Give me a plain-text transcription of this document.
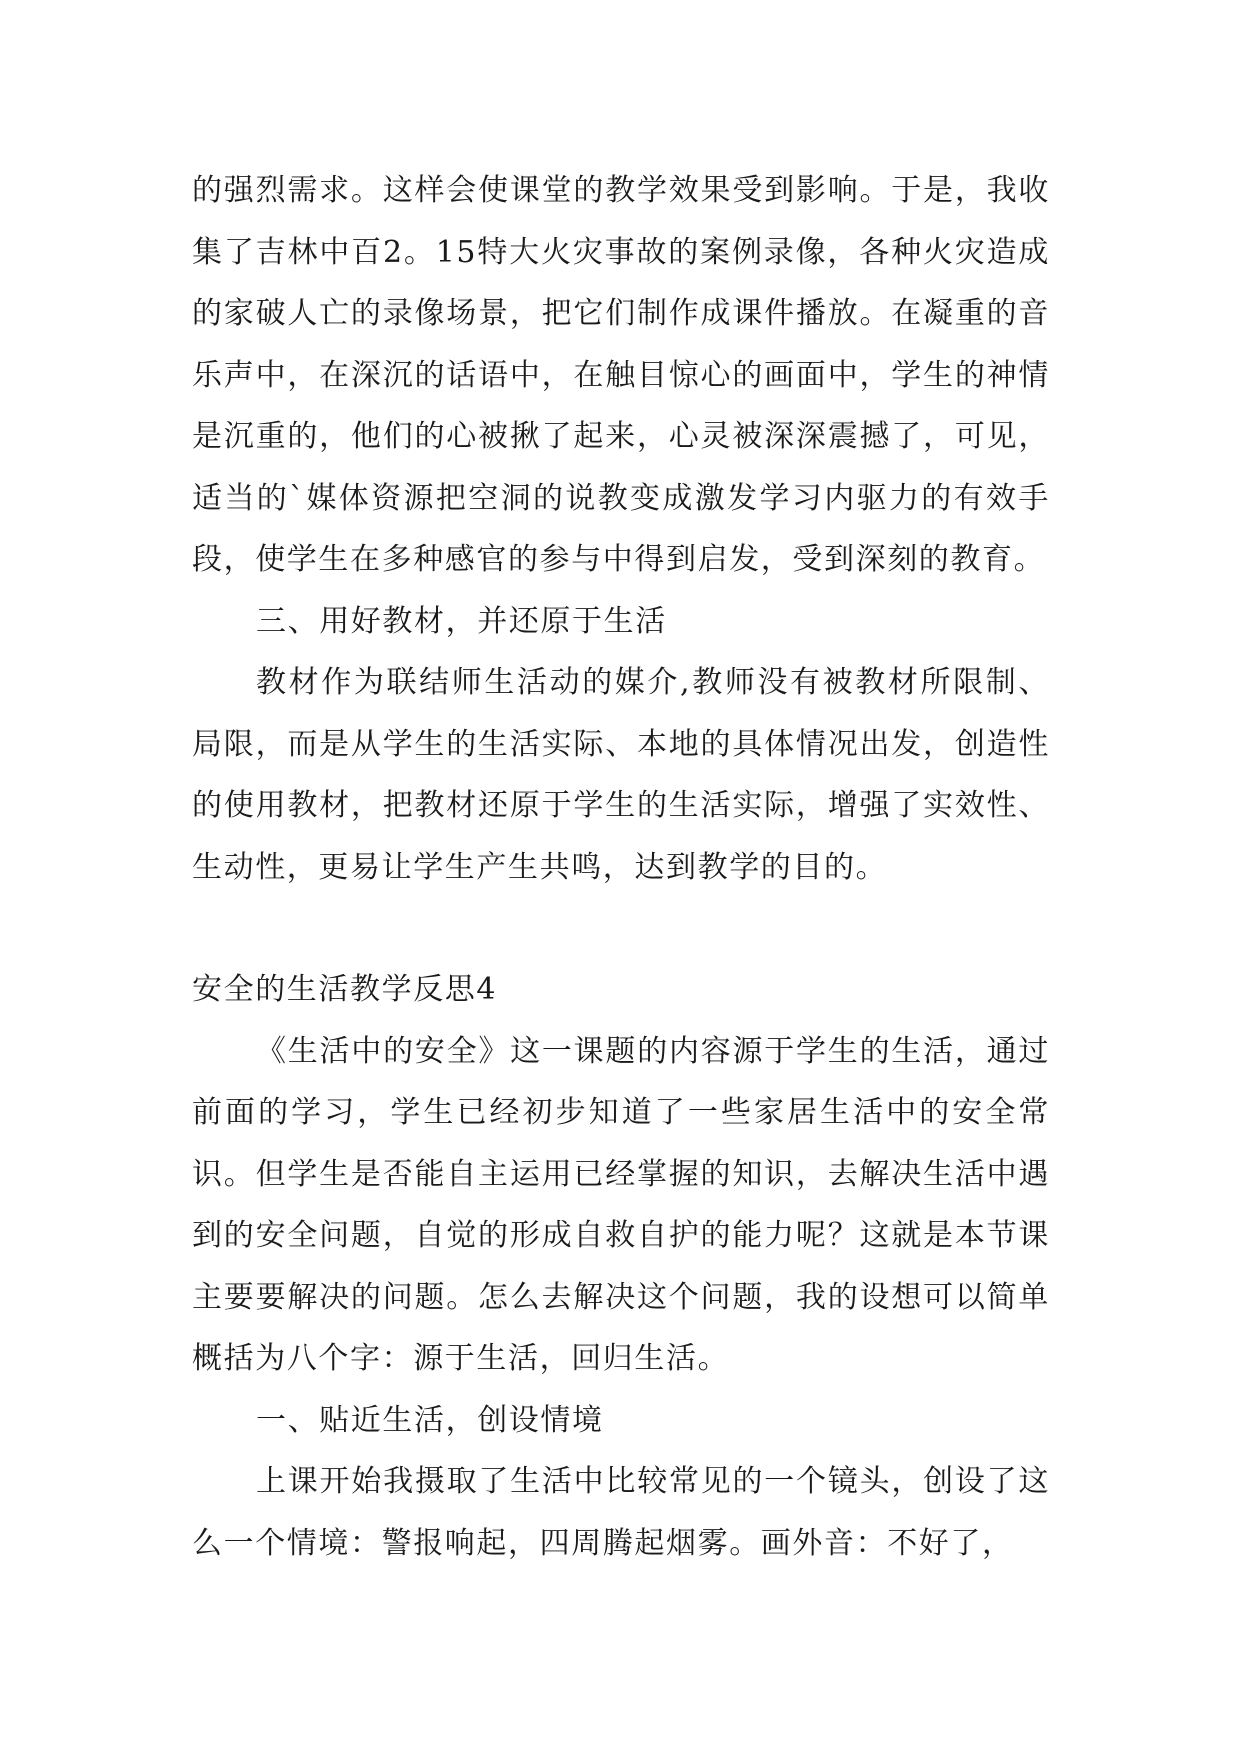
的强烈需求。这样会使课堂的教学效果受到影响。于是，我收集了吉林中百2。15特大火灾事故的案例录像，各种火灾造成的家破人亡的录像场景，把它们制作成课件播放。在凝重的音乐声中，在深沉的话语中，在触目惊心的画面中，学生的神情是沉重的，他们的心被揪了起来，心灵被深深震撼了，可见，适当的`媒体资源把空洞的说教变成激发学习内驱力的有效手段，使学生在多种感官的参与中得到启发，受到深刻的教育。

三、用好教材，并还原于生活

教材作为联结师生活动的媒介,教师没有被教材所限制、局限，而是从学生的生活实际、本地的具体情况出发，创造性的使用教材，把教材还原于学生的生活实际，增强了实效性、生动性，更易让学生产生共鸣，达到教学的目的。

安全的生活教学反思4

《生活中的安全》这一课题的内容源于学生的生活，通过前面的学习，学生已经初步知道了一些家居生活中的安全常识。但学生是否能自主运用已经掌握的知识，去解决生活中遇到的安全问题，自觉的形成自救自护的能力呢？这就是本节课主要要解决的问题。怎么去解决这个问题，我的设想可以简单概括为八个字：源于生活，回归生活。

一、贴近生活，创设情境

上课开始我摄取了生活中比较常见的一个镜头，创设了这么一个情境：警报响起，四周腾起烟雾。画外音：不好了，
